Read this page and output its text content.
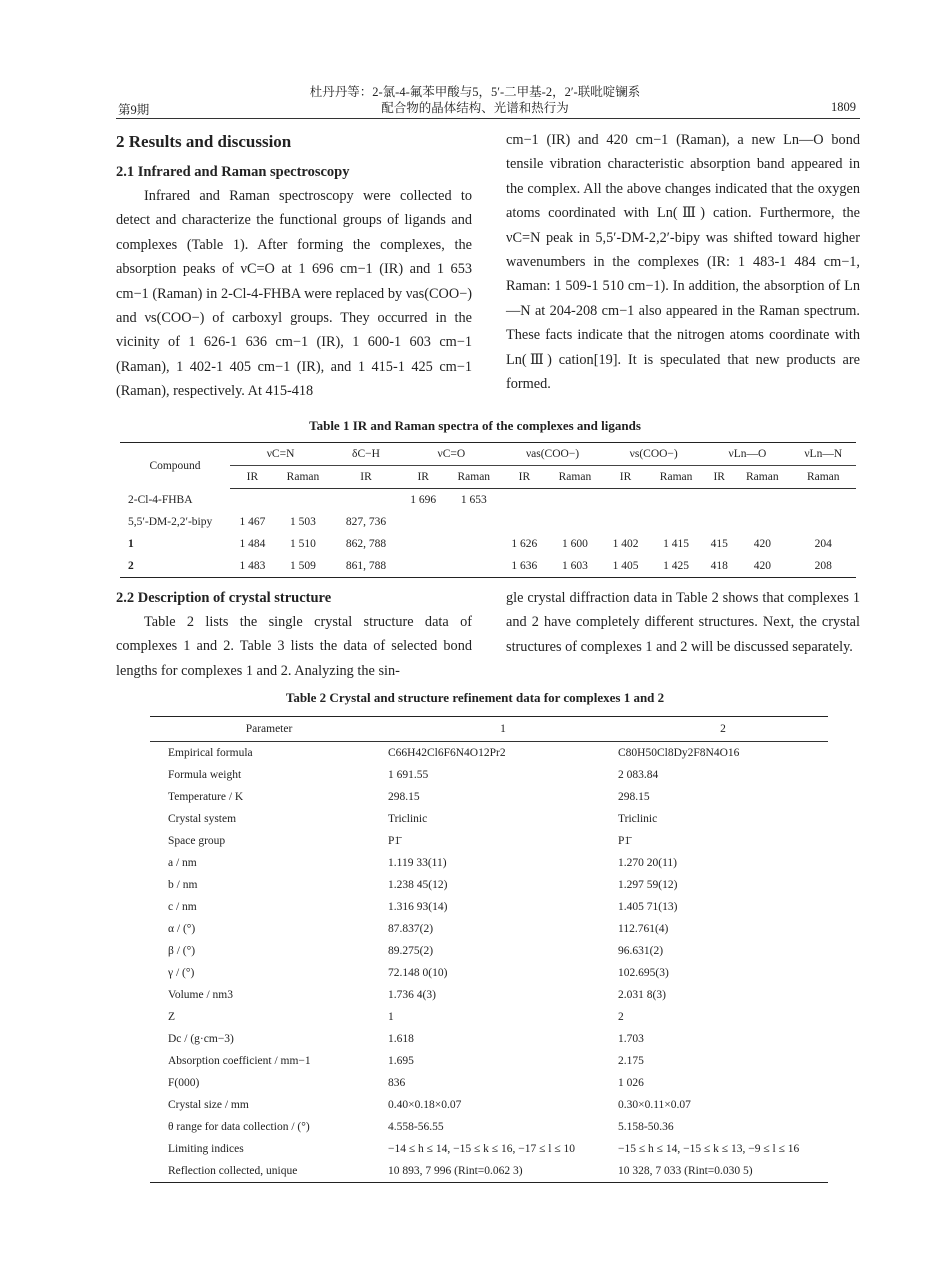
杜丹丹等：2-氯-4-氟苯甲酸与5，5′-二甲基-2，2′-联吡啶镧系
配合物的晶体结构、光谱和热行为
第9期	1809
2 Results and discussion
2.1 Infrared and Raman spectroscopy

Infrared and Raman spectroscopy were collected to detect and characterize the functional groups of ligands and complexes (Table 1). After forming the complexes, the absorption peaks of νC=O at 1 696 cm−1 (IR) and 1 653 cm−1 (Raman) in 2-Cl-4-FHBA were replaced by νas(COO−) and νs(COO−) of carboxyl groups. They occurred in the vicinity of 1 626-1 636 cm−1 (IR), 1 600-1 603 cm−1 (Raman), 1 402-1 405 cm−1 (IR), and 1 415-1 425 cm−1 (Raman), respectively. At 415-418

cm−1 (IR) and 420 cm−1 (Raman), a new Ln—O bond tensile vibration characteristic absorption band appeared in the complex. All the above changes indicated that the oxygen atoms coordinated with Ln(Ⅲ) cation. Furthermore, the νC=N peak in 5,5′-DM-2,2′-bipy was shifted toward higher wavenumbers in the complexes (IR: 1 483-1 484 cm−1, Raman: 1 509-1 510 cm−1). In addition, the absorption of Ln—N at 204-208 cm−1 also appeared in the Raman spectrum. These facts indicate that the nitrogen atoms coordinate with Ln(Ⅲ) cation[19]. It is speculated that new products are formed.

Table 1 IR and Raman spectra of the complexes and ligands
Compound	νC=N		δC−H	νC=O		νas(COO−)		νs(COO−)		νLn—O		νLn—N
	IR	Raman	IR	IR	Raman	IR	Raman	IR	Raman	IR	Raman	Raman
2-Cl-4-FHBA				1 696	1 653							
5,5′-DM-2,2′-bipy	1 467	1 503	827, 736									
1	1 484	1 510	862, 788			1 626	1 600	1 402	1 415	415	420	204
2	1 483	1 509	861, 788			1 636	1 603	1 405	1 425	418	420	208
2.2 Description of crystal structure

Table 2 lists the single crystal structure data of complexes 1 and 2. Table 3 lists the data of selected bond lengths for complexes 1 and 2. Analyzing the sin-

gle crystal diffraction data in Table 2 shows that complexes 1 and 2 have completely different structures. Next, the crystal structures of complexes 1 and 2 will be discussed separately.

Table 2 Crystal and structure refinement data for complexes 1 and 2
Parameter	1	2
Empirical formula	C66H42Cl6F6N4O12Pr2	C80H50Cl8Dy2F8N4O16
Formula weight	1 691.55	2 083.84
Temperature / K	298.15	298.15
Crystal system	Triclinic	Triclinic
Space group	P1̄	P1̄
a / nm	1.119 33(11)	1.270 20(11)
b / nm	1.238 45(12)	1.297 59(12)
c / nm	1.316 93(14)	1.405 71(13)
α / (°)	87.837(2)	112.761(4)
β / (°)	89.275(2)	96.631(2)
γ / (°)	72.148 0(10)	102.695(3)
Volume / nm3	1.736 4(3)	2.031 8(3)
Z	1	2
Dc / (g·cm−3)	1.618	1.703
Absorption coefficient / mm−1	1.695	2.175
F(000)	836	1 026
Crystal size / mm	0.40×0.18×0.07	0.30×0.11×0.07
θ range for data collection / (°)	4.558-56.55	5.158-50.36
Limiting indices	−14 ≤ h ≤ 14, −15 ≤ k ≤ 16, −17 ≤ l ≤ 10	−15 ≤ h ≤ 14, −15 ≤ k ≤ 13, −9 ≤ l ≤ 16
Reflection collected, unique	10 893, 7 996 (Rint=0.062 3)	10 328, 7 033 (Rint=0.030 5)
